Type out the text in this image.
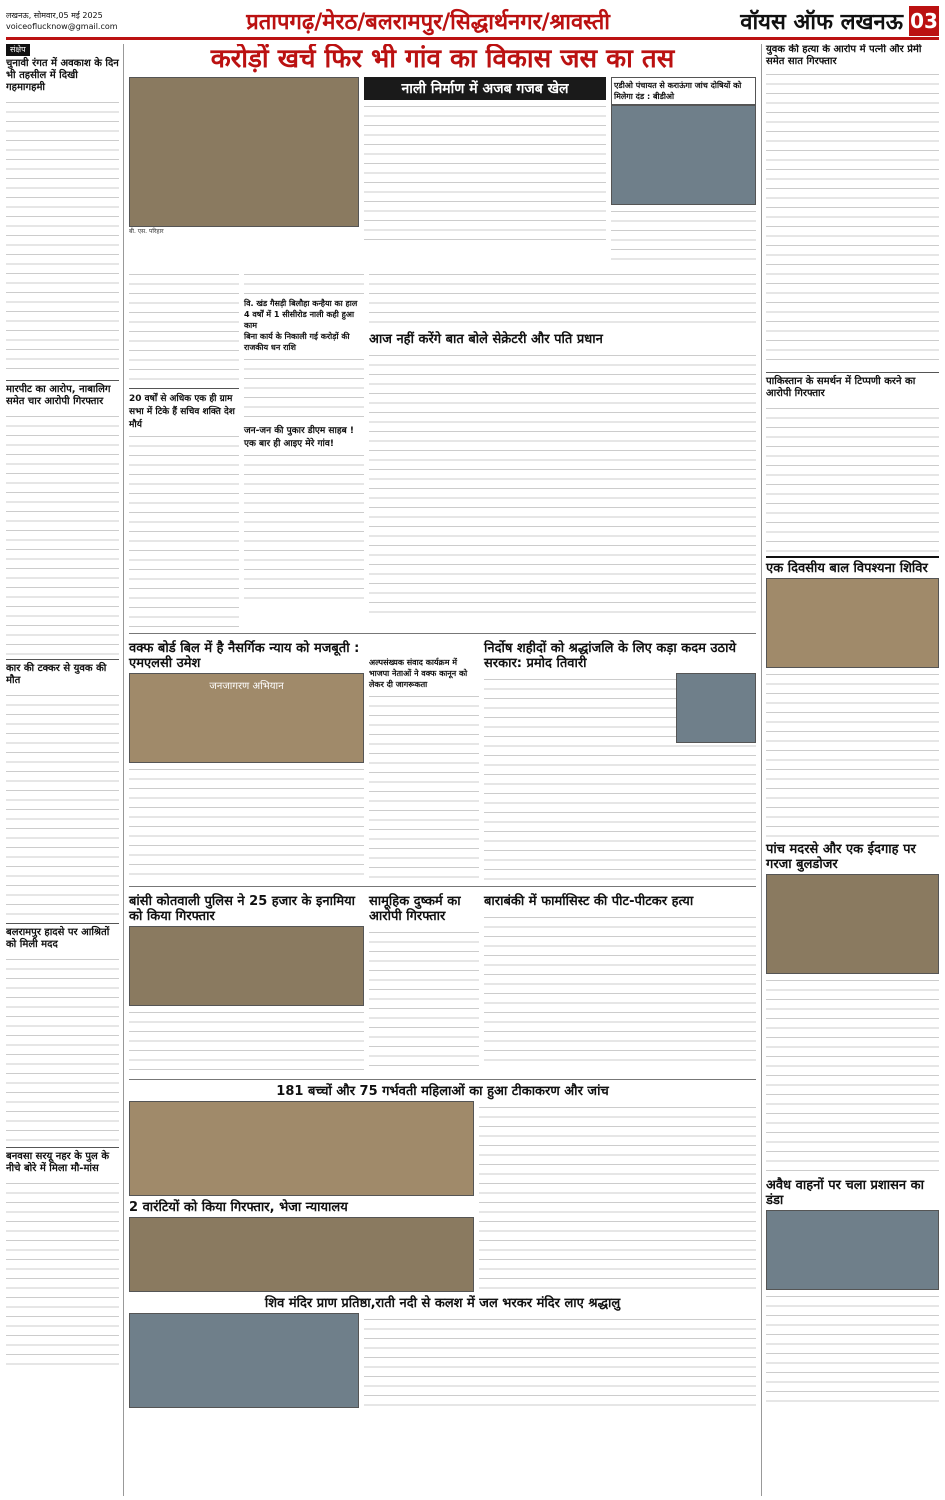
लखनऊ, सोमवार,05 मई 2025
voiceoflucknow@gmail.com	प्रतापगढ़/मेरठ/बलरामपुर/सिद्धार्थनगर/श्रावस्ती	वॉयस ऑफ लखनऊ 03
संक्षेप
चुनावी रंगत में अवकाश के दिन भी तहसील में दिखी गहमागहमी
मारपीट का आरोप, नाबालिग समेत चार आरोपी गिरफ्तार
कार की टक्कर से युवक की मौत
बलरामपुर हादसे पर आश्रितों को मिली मदद
बनवसा सरयू नहर के पुल के नीचे बोरे में मिला मौ-मांस
करोड़ों खर्च फिर भी गांव का विकास जस का तस
बी. एस. परिहार
नाली निर्माण में अजब गजब खेल	एडीओ पंचायत से कराऊंगा जांच दोषियों को मिलेगा दंड : बीडीओ
20 वर्षों से अधिक एक ही ग्राम सभा में टिके हैं सचिव शक्ति देश मौर्य
वि. खंड गैसड़ी बिलौहा कन्हैया का हाल
4 वर्षों में 1 सीसीरोड नाली कही हुआ काम
बिना कार्य के निकाली गई करोड़ों की राजकीय धन राशि
जन-जन की पुकार डीएम साहब ! एक बार ही आइए मेरे गांव!
आज नहीं करेंगे बात बोले सेक्रेटरी और पति प्रधान
वक्फ बोर्ड बिल में है नैसर्गिक न्याय को मजबूती : एमएलसी उमेश
जनजागरण अभियान
अल्पसंख्यक संवाद कार्यक्रम में भाजपा नेताओं ने वक्फ कानून को लेकर दी जागरूकता
निर्दोष शहीदों को श्रद्धांजलि के लिए कड़ा कदम उठाये सरकार: प्रमोद तिवारी
बांसी कोतवाली पुलिस ने 25 हजार के इनामिया को किया गिरफ्तार
सामूहिक दुष्कर्म का आरोपी गिरफ्तार
बाराबंकी में फार्मासिस्ट की पीट-पीटकर हत्या
181 बच्चों और 75 गर्भवती महिलाओं का हुआ टीकाकरण और जांच
2 वारंटियों को किया गिरफ्तार, भेजा न्यायालय
शिव मंदिर प्राण प्रतिष्ठा,राती नदी से कलश में जल भरकर मंदिर लाए श्रद्धालु
युवक की हत्या के आरोप में पत्नी और प्रेमी समेत सात गिरफ्तार
पाकिस्तान के समर्थन में टिप्पणी करने का आरोपी गिरफ्तार
एक दिवसीय बाल विपश्यना शिविर
पांच मदरसे और एक ईदगाह पर गरजा बुलडोजर
अवैध वाहनों पर चला प्रशासन का डंडा
